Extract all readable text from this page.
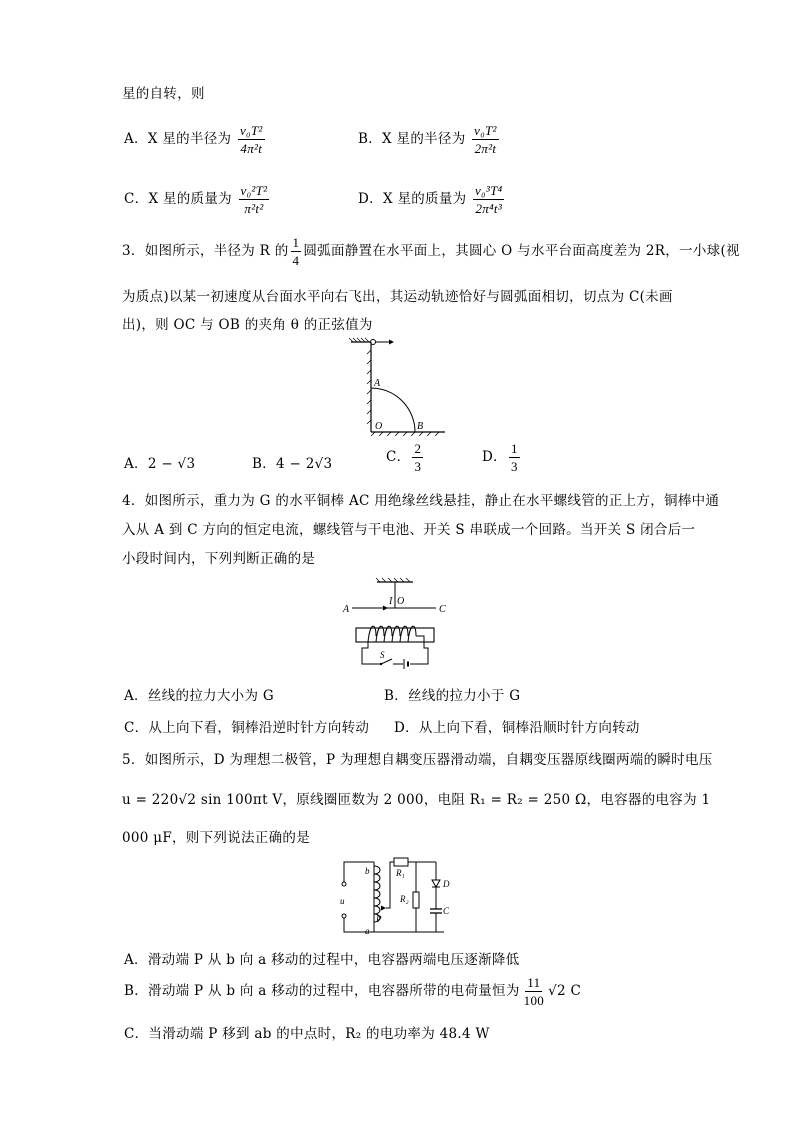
星的自转，则
A．X 星的半径为 $\frac{\text{v₀T²}}{\text{4π²t}}$	B．X 星的半径为 $\frac{\text{v₀T²}}{\text{2π²t}}$
C．X 星的质量为 $\frac{\text{v₀²T²}}{\text{π²t²}}$	D．X 星的质量为 $\frac{\text{v₀³T⁴}}{\text{2π⁴t³}}$
3．如图所示，半径为 R 的 $\frac{1}{4}$ 圆弧面静置在水平面上，其圆心 O 与水平台面高度差为 2R，一小球(视
为质点)以某一初速度从台面水平向右飞出，其运动轨迹恰好与圆弧面相切，切点为 C(未画
出)，则 OC 与 OB 的夹角 θ 的正弦值为
A
O	B
A．2 − √3	B．4 − 2√3	C． $\frac{2}{3}$	D． $\frac{1}{3}$
4．如图所示，重力为 G 的水平铜棒 AC 用绝缘丝线悬挂，静止在水平螺线管的正上方，铜棒中通
入从 A 到 C 方向的恒定电流，螺线管与干电池、开关 S 串联成一个回路。当开关 S 闭合后一
小段时间内，下列判断正确的是
A	C
I O
S
A．丝线的拉力大小为 G	B．丝线的拉力小于 G
C．从上向下看，铜棒沿逆时针方向转动 D．从上向下看，铜棒沿顺时针方向转动
5．如图所示，D 为理想二极管，P 为理想自耦变压器滑动端，自耦变压器原线圈两端的瞬时电压
u = 220√2 sin 100πt V，原线圈匝数为 2 000，电阻 R₁ = R₂ = 250 Ω，电容器的电容为 1
000 μF，则下列说法正确的是
u
b
a
P
R₁
R₂
D
C
A．滑动端 P 从 b 向 a 移动的过程中，电容器两端电压逐渐降低
B．滑动端 P 从 b 向 a 移动的过程中，电容器所带的电荷量恒为 $\frac{11}{100} √2$ C
C．当滑动端 P 移到 ab 的中点时，R₂ 的电功率为 48.4 W
